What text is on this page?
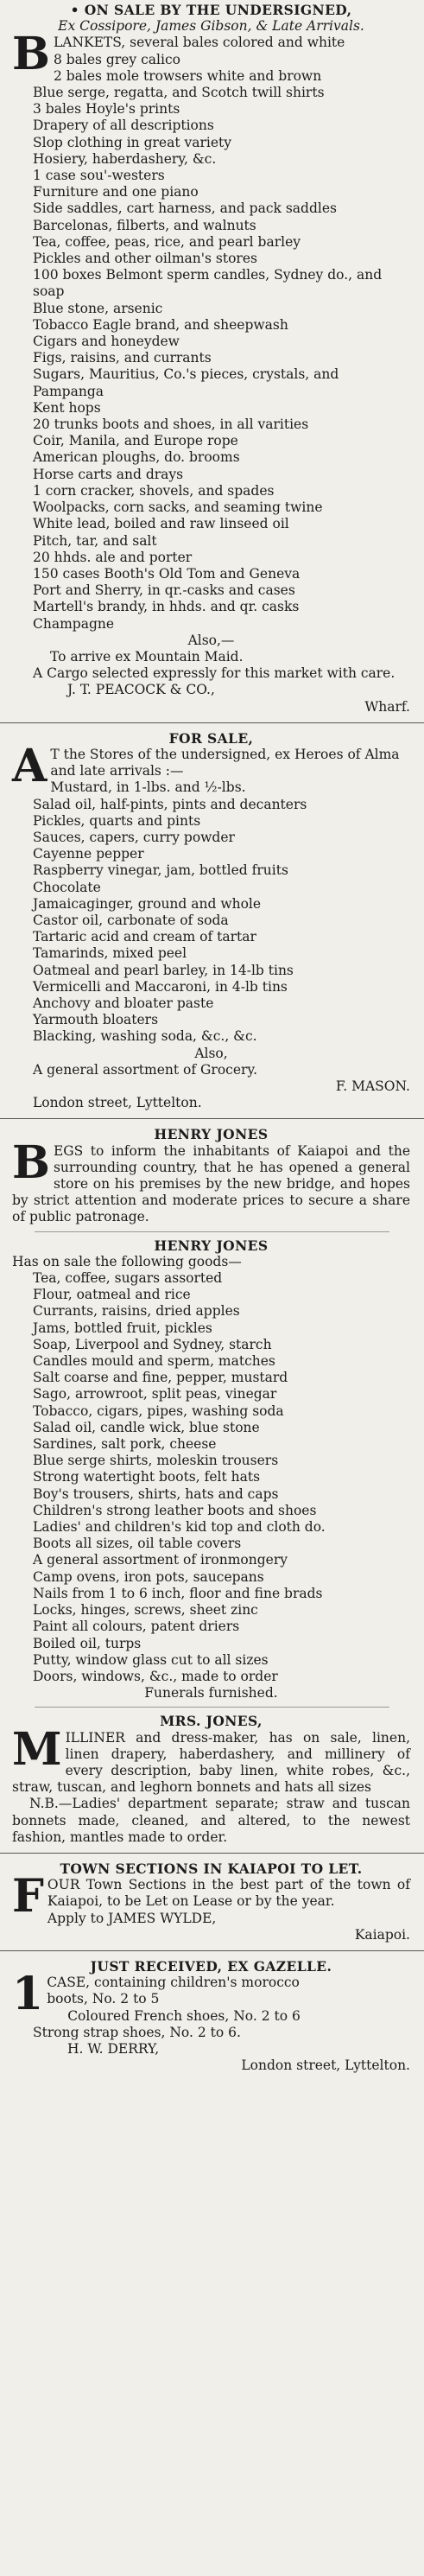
• ON SALE BY THE UNDERSIGNED,
Ex Cossipore, James Gibson, & Late Arrivals.
B LANKETS, several bales colored and white
8 bales grey calico
2 bales mole trowsers white and brown
Blue serge, regatta, and Scotch twill shirts
3 bales Hoyle's prints
Drapery of all descriptions
Slop clothing in great variety
Hosiery, haberdashery, &c.
1 case sou'-westers
Furniture and one piano
Side saddles, cart harness, and pack saddles
Barcelonas, filberts, and walnuts
Tea, coffee, peas, rice, and pearl barley
Pickles and other oilman's stores
100 boxes Belmont sperm candles, Sydney do., and soap
Blue stone, arsenic
Tobacco Eagle brand, and sheepwash
Cigars and honeydew
Figs, raisins, and currants
Sugars, Mauritius, Co.'s pieces, crystals, and Pampanga
Kent hops
20 trunks boots and shoes, in all varities
Coir, Manila, and Europe rope
American ploughs, do. brooms
Horse carts and drays
1 corn cracker, shovels, and spades
Woolpacks, corn sacks, and seaming twine
White lead, boiled and raw linseed oil
Pitch, tar, and salt
20 hhds. ale and porter
150 cases Booth's Old Tom and Geneva
Port and Sherry, in qr.-casks and cases
Martell's brandy, in hhds. and qr. casks
Champagne
Also,—
To arrive ex Mountain Maid.
A Cargo selected expressly for this market with care.
J. T. PEACOCK & CO.,
Wharf.
FOR SALE,
A T the Stores of the undersigned, ex Heroes of Alma and late arrivals :—
Mustard, in 1-lbs. and ½-lbs.
Salad oil, half-pints, pints and decanters
Pickles, quarts and pints
Sauces, capers, curry powder
Cayenne pepper
Raspberry vinegar, jam, bottled fruits
Chocolate
Jamaicaginger, ground and whole
Castor oil, carbonate of soda
Tartaric acid and cream of tartar
Tamarinds, mixed peel
Oatmeal and pearl barley, in 14-lb tins
Vermicelli and Maccaroni, in 4-lb tins
Anchovy and bloater paste
Yarmouth bloaters
Blacking, washing soda, &c., &c.
Also,
A general assortment of Grocery.
F. MASON.
London street, Lyttelton.
HENRY JONES
B EGS to inform the inhabitants of Kaiapoi and the surrounding country, that he has opened a general store on his premises by the new bridge, and hopes by strict attention and moderate prices to secure a share of public patronage.
HENRY JONES
Has on sale the following goods—
Tea, coffee, sugars assorted
Flour, oatmeal and rice
Currants, raisins, dried apples
Jams, bottled fruit, pickles
Soap, Liverpool and Sydney, starch
Candles mould and sperm, matches
Salt coarse and fine, pepper, mustard
Sago, arrowroot, split peas, vinegar
Tobacco, cigars, pipes, washing soda
Salad oil, candle wick, blue stone
Sardines, salt pork, cheese
Blue serge shirts, moleskin trousers
Strong watertight boots, felt hats
Boy's trousers, shirts, hats and caps
Children's strong leather boots and shoes
Ladies' and children's kid top and cloth do.
Boots all sizes, oil table covers
A general assortment of ironmongery
Camp ovens, iron pots, saucepans
Nails from 1 to 6 inch, floor and fine brads
Locks, hinges, screws, sheet zinc
Paint all colours, patent driers
Boiled oil, turps
Putty, window glass cut to all sizes
Doors, windows, &c., made to order
Funerals furnished.
MRS. JONES,
M ILLINER and dress-maker, has on sale, linen, linen drapery, haberdashery, and millinery of every description, baby linen, white robes, &c., straw, tuscan, and leghorn bonnets and hats all sizes
N.B.—Ladies' department separate; straw and tuscan bonnets made, cleaned, and altered, to the newest fashion, mantles made to order.
TOWN SECTIONS IN KAIAPOI TO LET.
F OUR Town Sections in the best part of the town of Kaiapoi, to be Let on Lease or by the year.
Apply to JAMES WYLDE,
Kaiapoi.
JUST RECEIVED, EX GAZELLE.
1 CASE, containing children's morocco
boots, No. 2 to 5
Coloured French shoes, No. 2 to 6
Strong strap shoes, No. 2 to 6.
H. W. DERRY,
London street, Lyttelton.
